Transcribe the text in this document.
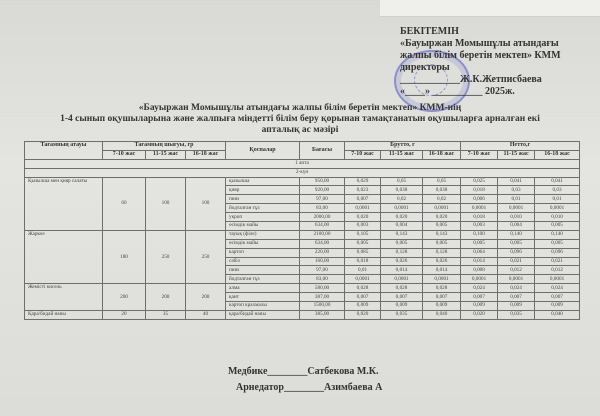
БЕКІТЕМІН
«Бауыржан Момышұлы атындағы
жалпы білім беретін мектеп» КММ
директоры
____________Ж.К.Жетписбаева
«____» __________ 2025ж.
«Бауыржан Момышұлы атындағы жалпы білім беретін мектеп» КММ-нің
1-4 сынып оқушыларына және жалпыға міндетті білім беру қорынан тамақтанатын оқушыларға арналған екі
апталық ас мәзірі
Тағамның атауы	Тағамның шығуы, гр			Қоспалар	Бағасы	Брутто, г			Нетто,г		
	7-10 жас	11-15 жас	16-18 жас			7-10 жас	11-15 жас	16-18 жас	7-10 жас	11-15 жас	16-18 жас

1 апта											
2-күн											
Қызылша мен қияр салаты	60	100	100	қызылша	950,00	0,029	0,05	0,05	0,025	0,041	0,041
				қияр	920,00	0,023	0,038	0,038	0,018	0,03	0,03
				пияз	97,00	0,007	0,02	0,02	0,006	0,01	0,01
				йодталған тұз	83,00	0,0001	0,0001	0,0001	0,0001	0,0001	0,0001
				укроп	2000,00	0,020	0,020	0,020	0,018	0,010	0,010
				өсімдік майы	634,00	0,003	0,004	0,005	0,003	0,004	0,005
Жаркое	180	250	250	тауық (філе)	2100,00	0,105	0,143	0,143	0,100	0,140	0,140
				өсімдік майы	634,00	0,005	0,005	0,005	0,005	0,005	0,005
				картоп	220,00	0,085	0,128	0,128	0,064	0,096	0,096
				сәбіз	160,00	0,018	0,026	0,026	0,014	0,021	0,021
				пияз	97,00	0,01	0,014	0,014	0,008	0,012	0,012
				йодталған тұз	83,00	0,0001	0,0001	0,0001	0,0001	0,0001	0,0001
Жемісті кисель	200	200	200	алма	580,00	0,028	0,028	0,028	0,024	0,024	0,024
				қант	387,00	0,007	0,007	0,007	0,007	0,007	0,007
				картоп крахмалы	1500,00	0,009	0,009	0,009	0,009	0,009	0,009
Қара/бидай наны	20	35	40	қара/бидай наны	385,00	0,020	0,035	0,040	0,020	0,035	0,040
Медбике________Сатбекова М.К.
Арнедатор________Азимбаева А
